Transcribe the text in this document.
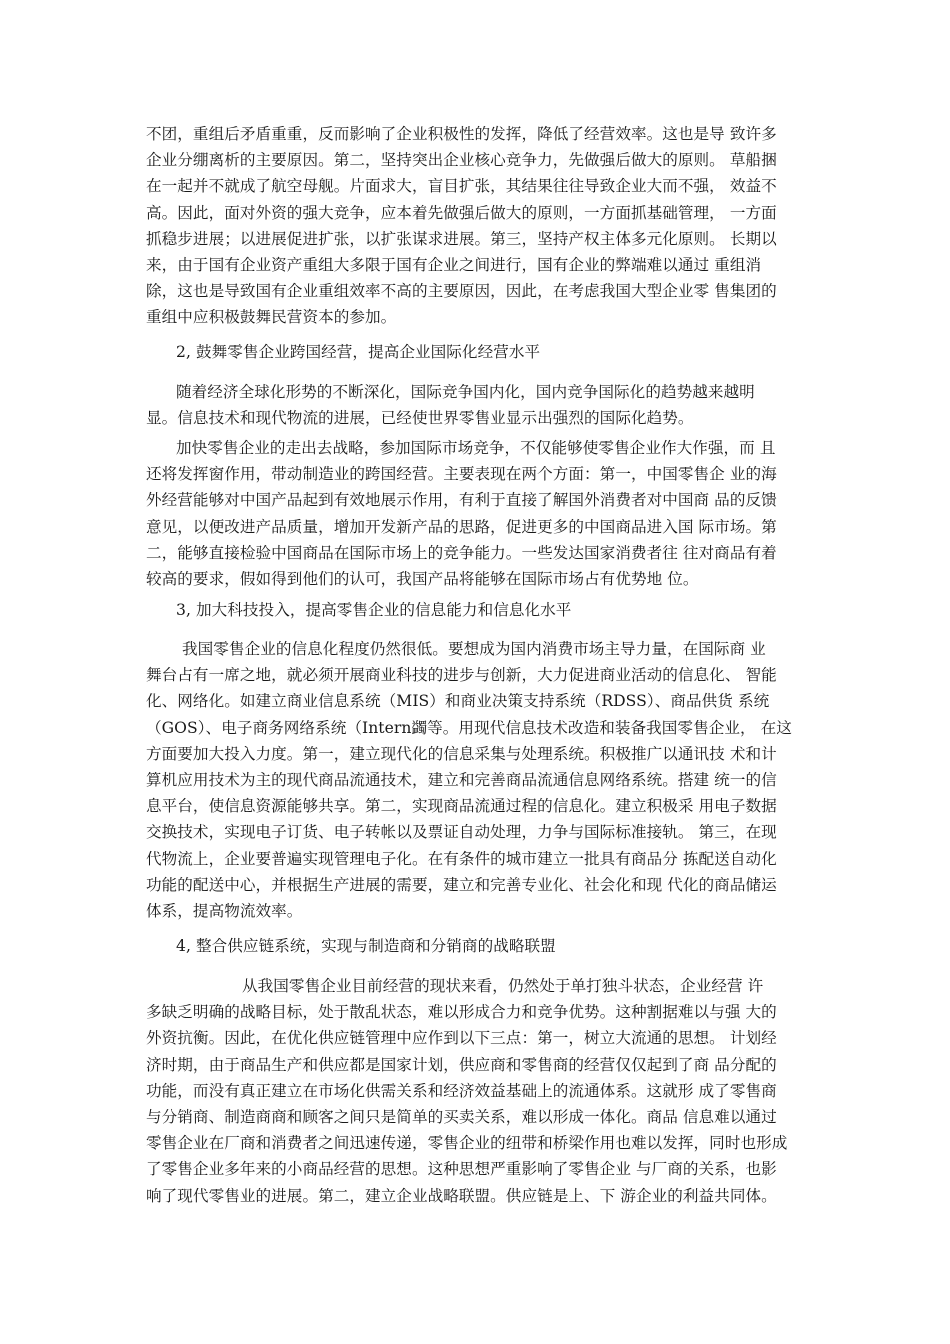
不团，重组后矛盾重重，反而影响了企业积极性的发挥，降低了经营效率。这也是导 致许多
企业分绷离析的主要原因。第二，坚持突出企业核心竞争力，先做强后做大的原则。 草船捆
在一起并不就成了航空母舰。片面求大，盲目扩张，其结果往往导致企业大而不强， 效益不
高。因此，面对外资的强大竞争，应本着先做强后做大的原则，一方面抓基础管理， 一方面
抓稳步进展；以进展促进扩张，以扩张谋求进展。第三，坚持产权主体多元化原则。 长期以
来，由于国有企业资产重组大多限于国有企业之间进行，国有企业的弊端难以通过 重组消
除，这也是导致国有企业重组效率不高的主要原因，因此，在考虑我国大型企业零 售集团的
重组中应积极鼓舞民营资本的参加。
2, 鼓舞零售企业跨国经营，提高企业国际化经营水平
随着经济全球化形势的不断深化，国际竞争国内化，国内竞争国际化的趋势越来越明
显。信息技术和现代物流的进展，已经使世界零售业显示出强烈的国际化趋势。
加快零售企业的走出去战略，参加国际市场竞争，不仅能够使零售企业作大作强，而 且
还将发挥窗作用，带动制造业的跨国经营。主要表现在两个方面：第一，中国零售企 业的海
外经营能够对中国产品起到有效地展示作用，有利于直接了解国外消费者对中国商 品的反馈
意见，以便改进产品质量，增加开发新产品的思路，促进更多的中国商品进入国 际市场。第
二，能够直接检验中国商品在国际市场上的竞争能力。一些发达国家消费者往 往对商品有着
较高的要求，假如得到他们的认可，我国产品将能够在国际市场占有优势地 位。
3, 加大科技投入，提高零售企业的信息能力和信息化水平
我国零售企业的信息化程度仍然很低。要想成为国内消费市场主导力量，在国际商 业
舞台占有一席之地，就必须开展商业科技的进步与创新，大力促进商业活动的信息化、 智能
化、网络化。如建立商业信息系统（MIS）和商业决策支持系统（RDSS）、商品供货 系统
（GOS）、电子商务网络系统（Intern蠲等。用现代信息技术改造和装备我国零售企业， 在这
方面要加大投入力度。第一，建立现代化的信息采集与处理系统。积极推广以通讯技 术和计
算机应用技术为主的现代商品流通技术，建立和完善商品流通信息网络系统。搭建 统一的信
息平台，使信息资源能够共享。第二，实现商品流通过程的信息化。建立积极采 用电子数据
交换技术，实现电子订货、电子转帐以及票证自动处理，力争与国际标准接轨。 第三，在现
代物流上，企业要普遍实现管理电子化。在有条件的城市建立一批具有商品分 拣配送自动化
功能的配送中心，并根据生产进展的需要，建立和完善专业化、社会化和现 代化的商品储运
体系，提高物流效率。
4, 整合供应链系统，实现与制造商和分销商的战略联盟
从我国零售企业目前经营的现状来看，仍然处于单打独斗状态，企业经营 许
多缺乏明确的战略目标，处于散乱状态，难以形成合力和竞争优势。这种割据难以与强 大的
外资抗衡。因此，在优化供应链管理中应作到以下三点：第一，树立大流通的思想。 计划经
济时期，由于商品生产和供应都是国家计划，供应商和零售商的经营仅仅起到了商 品分配的
功能，而没有真正建立在市场化供需关系和经济效益基础上的流通体系。这就形 成了零售商
与分销商、制造商商和顾客之间只是简单的买卖关系，难以形成一体化。商品 信息难以通过
零售企业在厂商和消费者之间迅速传递，零售企业的纽带和桥梁作用也难以发挥，同时也形成
了零售企业多年来的小商品经营的思想。这种思想严重影响了零售企业 与厂商的关系，也影
响了现代零售业的进展。第二，建立企业战略联盟。供应链是上、下 游企业的利益共同体。
